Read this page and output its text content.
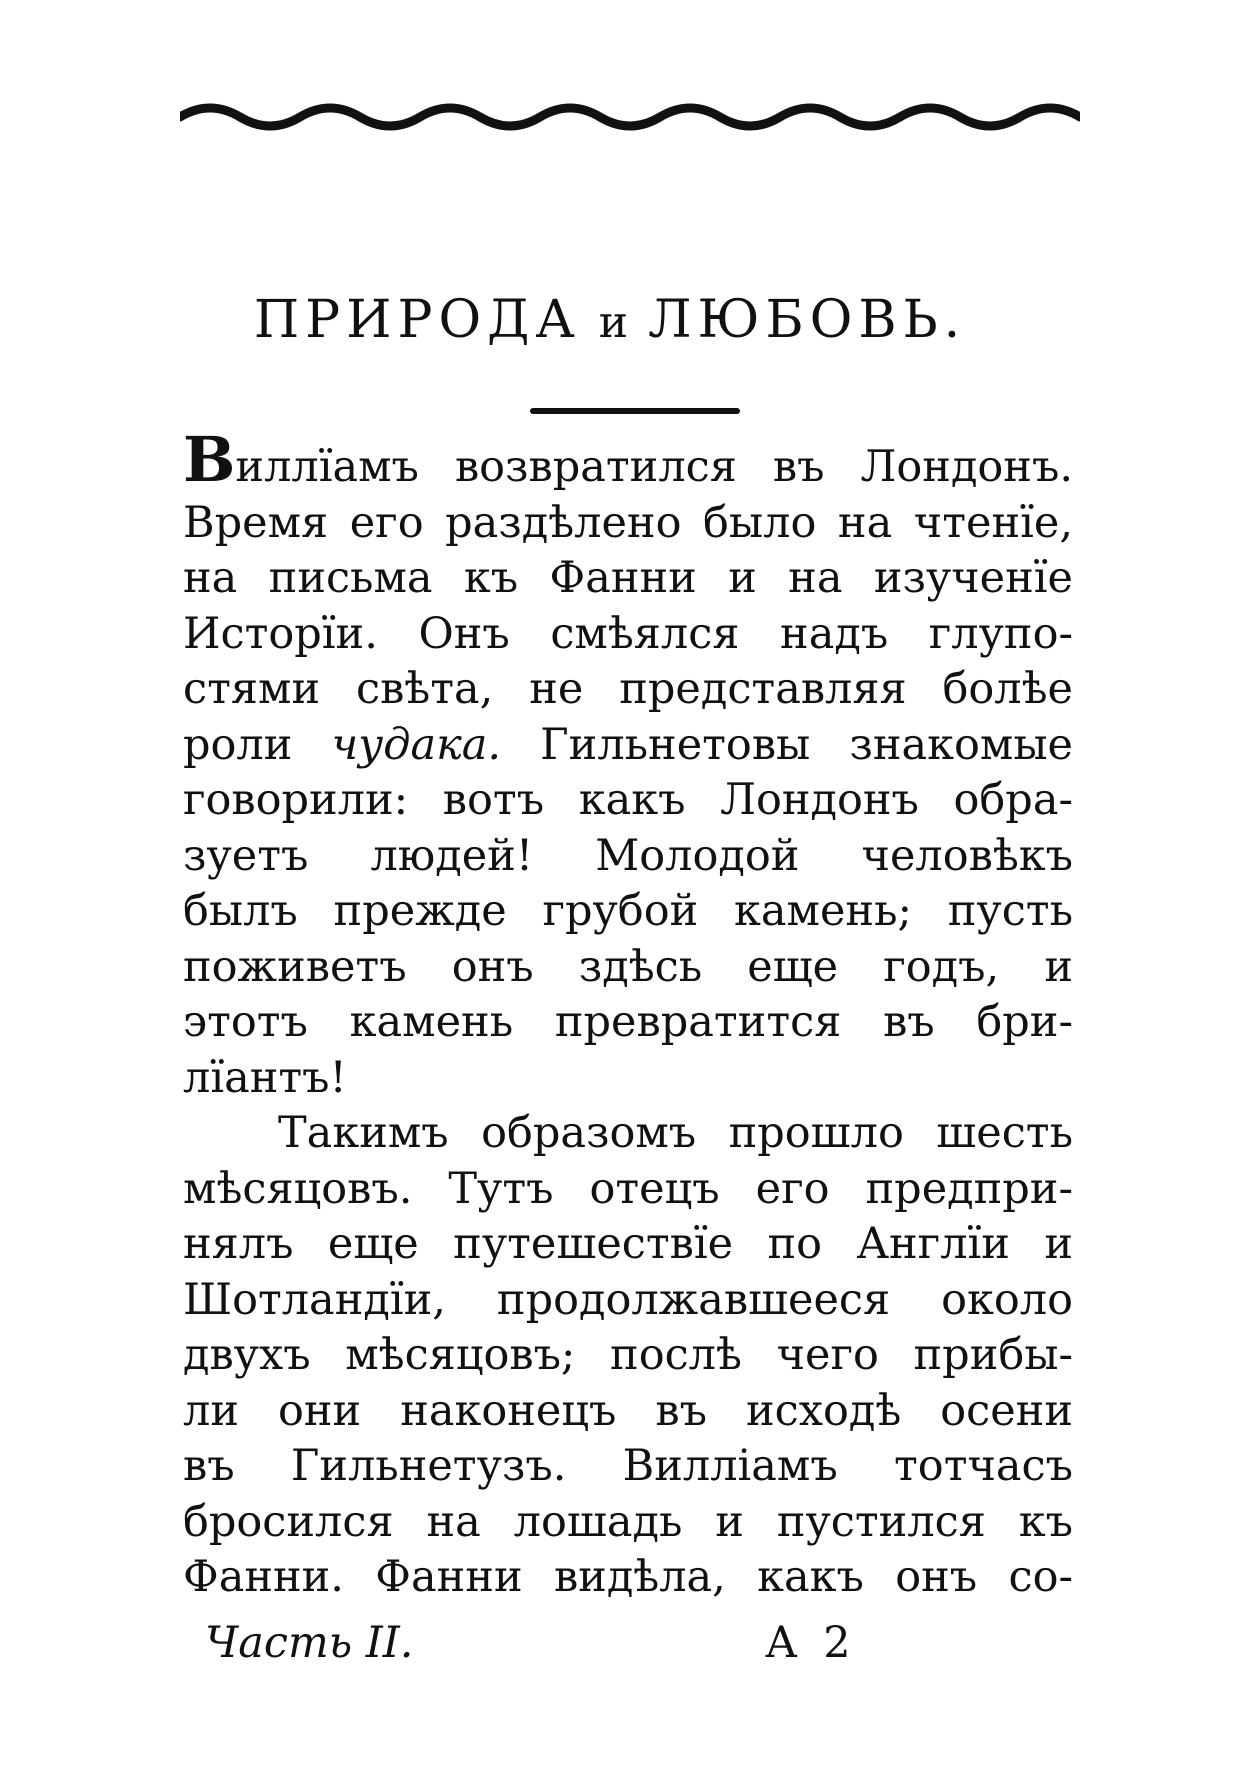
ПРИРОДА и ЛЮБОВЬ.
Виллїамъ возвратился въ Лондонъ.
Время его раздѣлено было на чтенїе,
на письма къ Фанни и на изученїе
Исторїи. Онъ смѣялся надъ глупо-
стями свѣта, не представляя болѣе
роли чудака. Гильнетовы знакомые
говорили: вотъ какъ Лондонъ обра-
зуетъ людей! Молодой человѣкъ
былъ прежде грубой камень; пусть
поживетъ онъ здѣсь еще годъ, и
этотъ камень превратится въ бри-
лїантъ!
Такимъ образомъ прошло шесть
мѣсяцовъ. Тутъ отецъ его предпри-
нялъ еще путешествїе по Англїи и
Шотландїи, продолжавшееся около
двухъ мѣсяцовъ; послѣ чего прибы-
ли они наконецъ въ исходѣ осени
въ Гильнетузъ. Вилліамъ тотчасъ
бросился на лошадь и пустился къ
Фанни. Фанни видѣла, какъ онъ со-
Часть II.	А 2
